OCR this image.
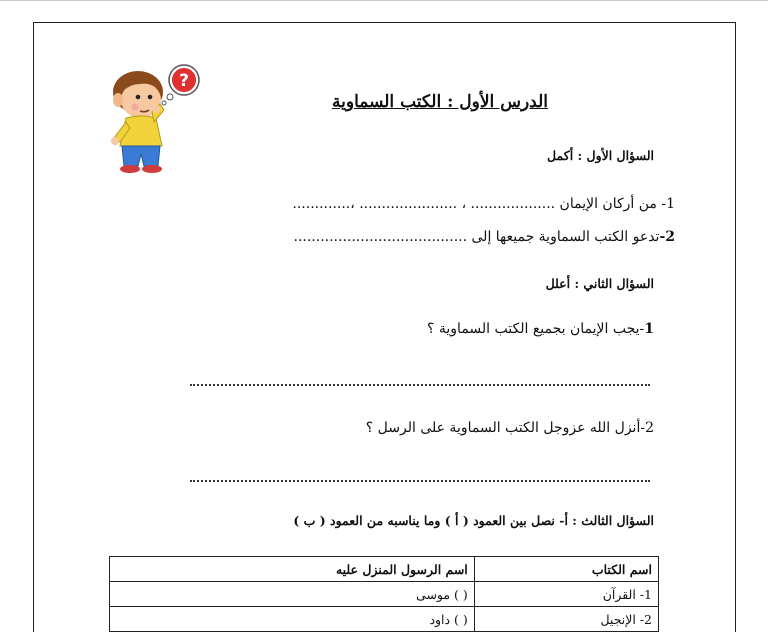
?
الدرس الأول : الكتب السماوية
السؤال الأول : أكمل
1- من أركان الإيمان ................... ، ...................... ،.............
2-تدعو الكتب السماوية جميعها إلى .......................................
السؤال الثاني : أعلل
1-يجب الإيمان بجميع الكتب السماوية ؟
2-أنزل الله عزوجل الكتب السماوية على الرسل ؟
السؤال الثالث : أ- نصل بين العمود ( أ ) وما يناسبه من العمود ( ب )
اسم الكتاب	اسم الرسول المنزل عليه
1- القرآن	( ) موسى
2- الإنجيل	( ) داود
